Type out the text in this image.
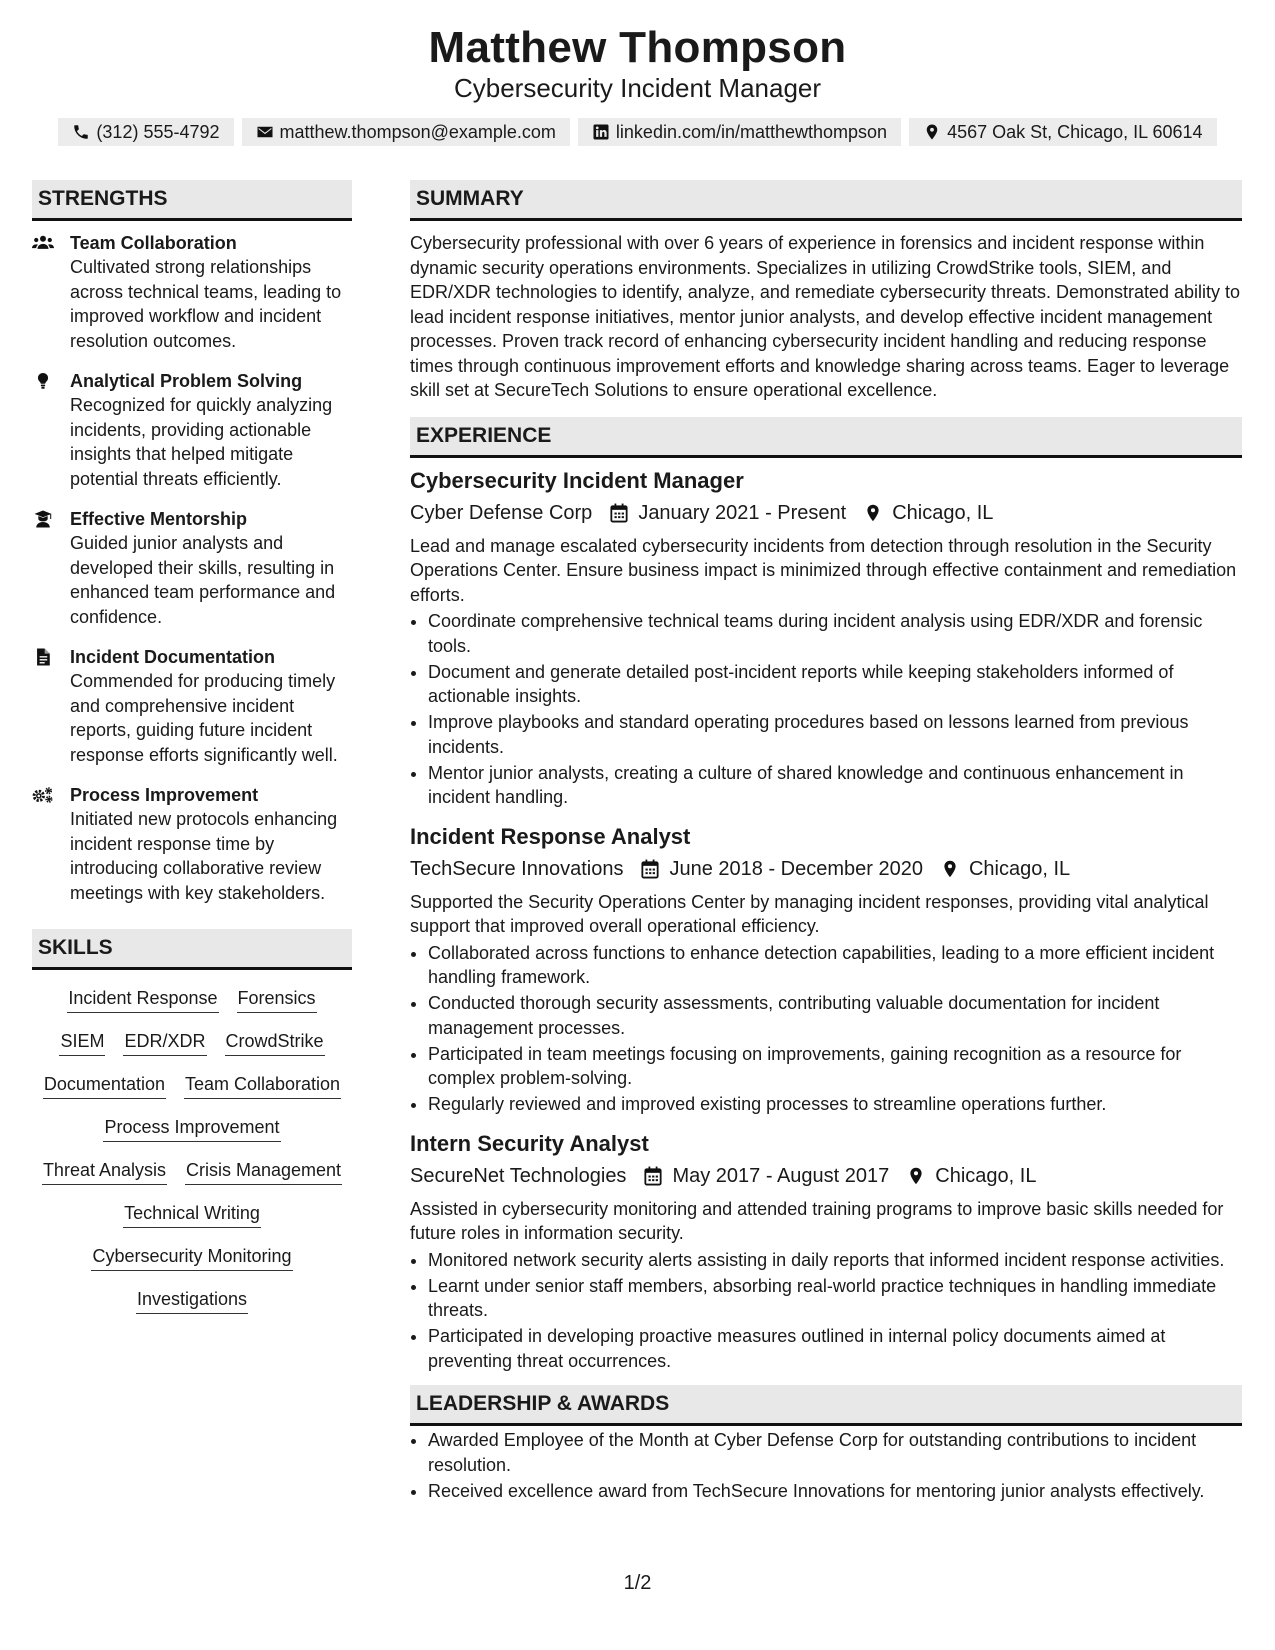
Matthew Thompson
Cybersecurity Incident Manager
(312) 555-4792	matthew.thompson@example.com	linkedin.com/in/matthewthompson	4567 Oak St, Chicago, IL 60614
STRENGTHS
Team Collaboration
Cultivated strong relationships across technical teams, leading to improved workflow and incident resolution outcomes.
Analytical Problem Solving
Recognized for quickly analyzing incidents, providing actionable insights that helped mitigate potential threats efficiently.
Effective Mentorship
Guided junior analysts and developed their skills, resulting in enhanced team performance and confidence.
Incident Documentation
Commended for producing timely and comprehensive incident reports, guiding future incident response efforts significantly well.
Process Improvement
Initiated new protocols enhancing incident response time by introducing collaborative review meetings with key stakeholders.
SKILLS
Incident Response Forensics
SIEM EDR/XDR CrowdStrike
Documentation Team Collaboration
Process Improvement
Threat Analysis Crisis Management
Technical Writing
Cybersecurity Monitoring
Investigations
SUMMARY
Cybersecurity professional with over 6 years of experience in forensics and incident response within dynamic security operations environments. Specializes in utilizing CrowdStrike tools, SIEM, and EDR/XDR technologies to identify, analyze, and remediate cybersecurity threats. Demonstrated ability to lead incident response initiatives, mentor junior analysts, and develop effective incident management processes. Proven track record of enhancing cybersecurity incident handling and reducing response times through continuous improvement efforts and knowledge sharing across teams. Eager to leverage skill set at SecureTech Solutions to ensure operational excellence.
EXPERIENCE
Cybersecurity Incident Manager
Cyber Defense Corp January 2021 - Present Chicago, IL
Lead and manage escalated cybersecurity incidents from detection through resolution in the Security Operations Center. Ensure business impact is minimized through effective containment and remediation efforts.
• Coordinate comprehensive technical teams during incident analysis using EDR/XDR and forensic tools.
• Document and generate detailed post-incident reports while keeping stakeholders informed of actionable insights.
• Improve playbooks and standard operating procedures based on lessons learned from previous incidents.
• Mentor junior analysts, creating a culture of shared knowledge and continuous enhancement in incident handling.
Incident Response Analyst
TechSecure Innovations June 2018 - December 2020 Chicago, IL
Supported the Security Operations Center by managing incident responses, providing vital analytical support that improved overall operational efficiency.
• Collaborated across functions to enhance detection capabilities, leading to a more efficient incident handling framework.
• Conducted thorough security assessments, contributing valuable documentation for incident management processes.
• Participated in team meetings focusing on improvements, gaining recognition as a resource for complex problem-solving.
• Regularly reviewed and improved existing processes to streamline operations further.
Intern Security Analyst
SecureNet Technologies May 2017 - August 2017 Chicago, IL
Assisted in cybersecurity monitoring and attended training programs to improve basic skills needed for future roles in information security.
• Monitored network security alerts assisting in daily reports that informed incident response activities.
• Learnt under senior staff members, absorbing real-world practice techniques in handling immediate threats.
• Participated in developing proactive measures outlined in internal policy documents aimed at preventing threat occurrences.
LEADERSHIP & AWARDS
• Awarded Employee of the Month at Cyber Defense Corp for outstanding contributions to incident resolution.
• Received excellence award from TechSecure Innovations for mentoring junior analysts effectively.
1/2
